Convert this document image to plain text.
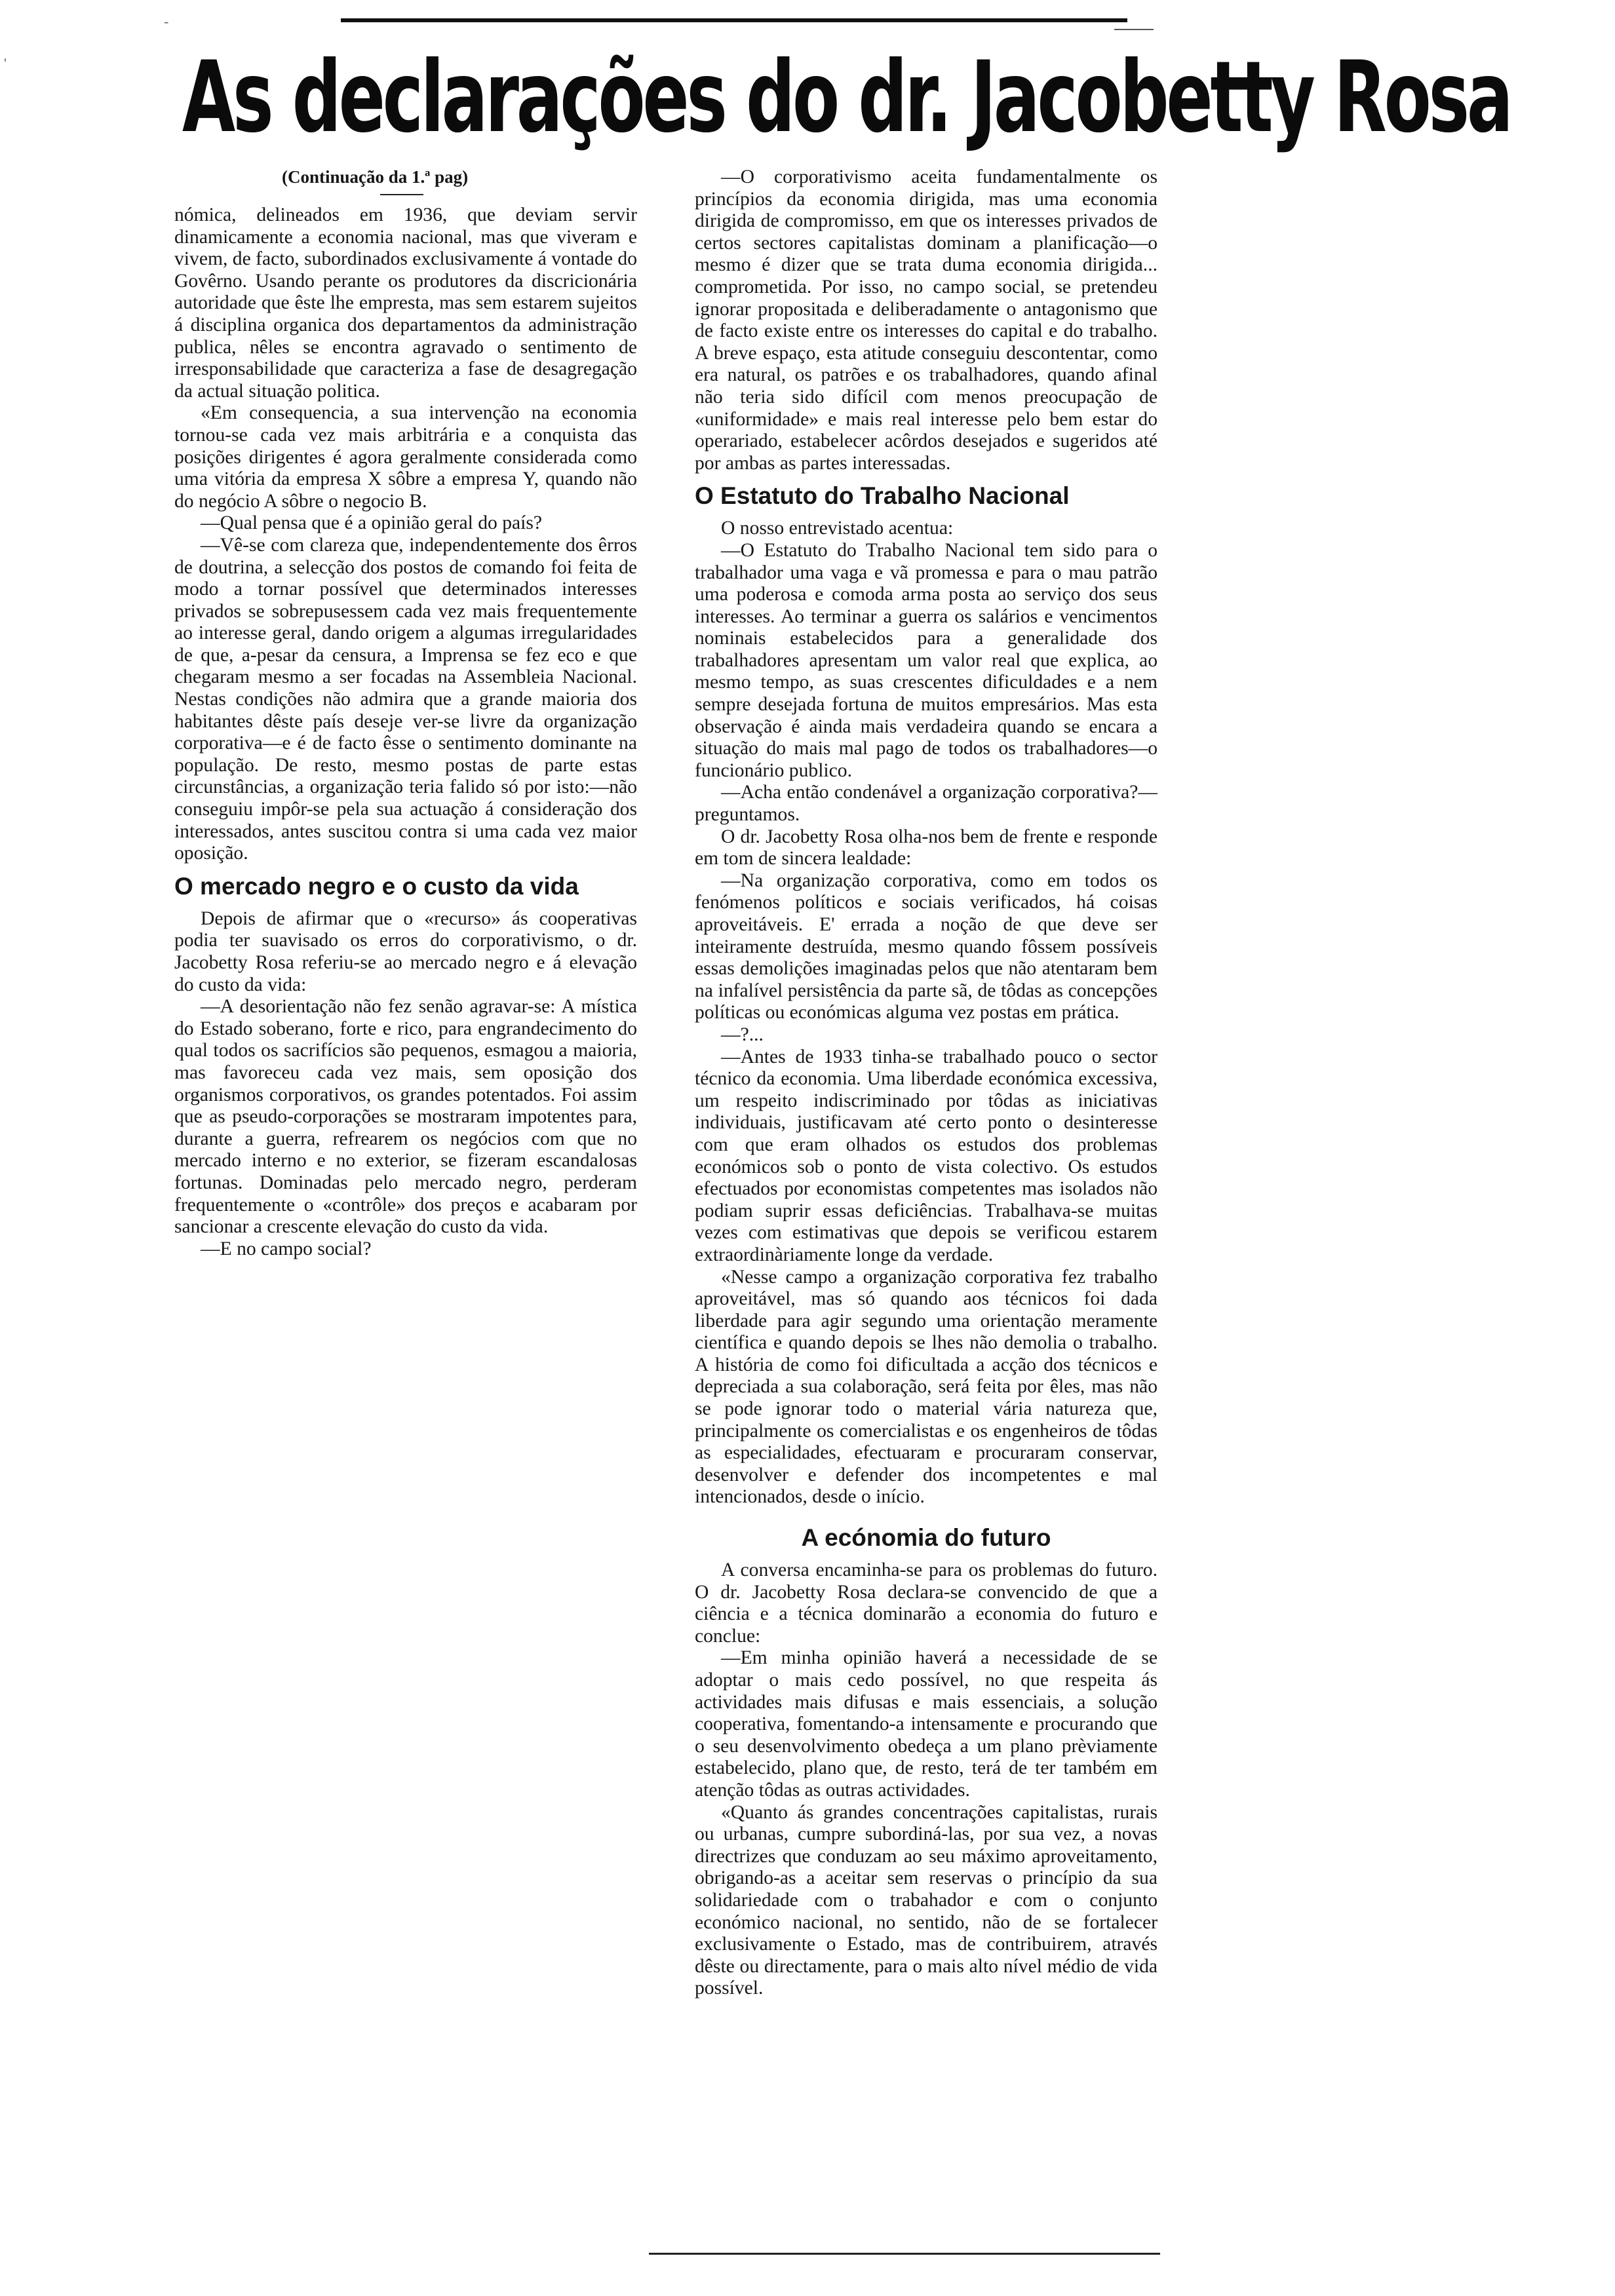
-
' As declarações do dr. Jacobetty Rosa
(Continuação da 1.ª pag)

nómica, delineados em 1936, que deviam servir dinamicamente a economia nacional, mas que viveram e vivem, de facto, subordinados exclusivamente á vontade do Govêrno. Usando perante os produtores da discricionária autoridade que êste lhe empresta, mas sem estarem sujeitos á disciplina organica dos departamentos da administração publica, nêles se encontra agravado o sentimento de irresponsabilidade que caracteriza a fase de desagregação da actual situação politica.

«Em consequencia, a sua intervenção na economia tornou-se cada vez mais arbitrária e a conquista das posições dirigentes é agora geralmente considerada como uma vitória da empresa X sôbre a empresa Y, quando não do negócio A sôbre o negocio B.

—Qual pensa que é a opinião geral do país?

—Vê-se com clareza que, independentemente dos êrros de doutrina, a selecção dos postos de comando foi feita de modo a tornar possível que determinados interesses privados se sobrepusessem cada vez mais frequentemente ao interesse geral, dando origem a algumas irregularidades de que, a-pesar da censura, a Imprensa se fez eco e que chegaram mesmo a ser focadas na Assembleia Nacional. Nestas condições não admira que a grande maioria dos habitantes dêste país deseje ver-se livre da organização corporativa—e é de facto êsse o sentimento dominante na população. De resto, mesmo postas de parte estas circunstâncias, a organização teria falido só por isto:—não conseguiu impôr-se pela sua actuação á consideração dos interessados, antes suscitou contra si uma cada vez maior oposição.

O mercado negro e o custo da vida

Depois de afirmar que o «recurso» ás cooperativas podia ter suavisado os erros do corporativismo, o dr. Jacobetty Rosa referiu-se ao mercado negro e á elevação do custo da vida:

—A desorientação não fez senão agravar-se: A mística do Estado soberano, forte e rico, para engrandecimento do qual todos os sacrifícios são pequenos, esmagou a maioria, mas favoreceu cada vez mais, sem oposição dos organismos corporativos, os grandes potentados. Foi assim que as pseudo-corporações se mostraram impotentes para, durante a guerra, refrearem os negócios com que no mercado interno e no exterior, se fizeram escandalosas fortunas. Dominadas pelo mercado negro, perderam frequentemente o «contrôle» dos preços e acabaram por sancionar a crescente elevação do custo da vida.

—E no campo social?

—O corporativismo aceita fundamentalmente os princípios da economia dirigida, mas uma economia dirigida de compromisso, em que os interesses privados de certos sectores capitalistas dominam a planificação—o mesmo é dizer que se trata duma economia dirigida... comprometida. Por isso, no campo social, se pretendeu ignorar propositada e deliberadamente o antagonismo que de facto existe entre os interesses do capital e do trabalho. A breve espaço, esta atitude conseguiu descontentar, como era natural, os patrões e os trabalhadores, quando afinal não teria sido difícil com menos preocupação de «uniformidade» e mais real interesse pelo bem estar do operariado, estabelecer acôrdos desejados e sugeridos até por ambas as partes interessadas.

O Estatuto do Trabalho Nacional

O nosso entrevistado acentua:

—O Estatuto do Trabalho Nacional tem sido para o trabalhador uma vaga e vã promessa e para o mau patrão uma poderosa e comoda arma posta ao serviço dos seus interesses. Ao terminar a guerra os salários e vencimentos nominais estabelecidos para a generalidade dos trabalhadores apresentam um valor real que explica, ao mesmo tempo, as suas crescentes dificuldades e a nem sempre desejada fortuna de muitos empresários. Mas esta observação é ainda mais verdadeira quando se encara a situação do mais mal pago de todos os trabalhadores—o funcionário publico.

—Acha então condenável a organização corporativa?—preguntamos.

O dr. Jacobetty Rosa olha-nos bem de frente e responde em tom de sincera lealdade:

—Na organização corporativa, como em todos os fenómenos políticos e sociais verificados, há coisas aproveitáveis. E' errada a noção de que deve ser inteiramente destruída, mesmo quando fôssem possíveis essas demolições imaginadas pelos que não atentaram bem na infalível persistência da parte sã, de tôdas as concepções políticas ou económicas alguma vez postas em prática.

—?...

—Antes de 1933 tinha-se trabalhado pouco o sector técnico da economia. Uma liberdade económica excessiva, um respeito indiscriminado por tôdas as iniciativas individuais, justificavam até certo ponto o desinteresse com que eram olhados os estudos dos problemas económicos sob o ponto de vista colectivo. Os estudos efectuados por economistas competentes mas isolados não podiam suprir essas deficiências. Trabalhava-se muitas vezes com estimativas que depois se verificou estarem extraordinàriamente longe da verdade.

«Nesse campo a organização corporativa fez trabalho aproveitável, mas só quando aos técnicos foi dada liberdade para agir segundo uma orientação meramente científica e quando depois se lhes não demolia o trabalho. A história de como foi dificultada a acção dos técnicos e depreciada a sua colaboração, será feita por êles, mas não se pode ignorar todo o material vária natureza que, principalmente os comercialistas e os engenheiros de tôdas as especialidades, efectuaram e procuraram conservar, desenvolver e defender dos incompetentes e mal intencionados, desde o início.

A ecónomia do futuro

A conversa encaminha-se para os problemas do futuro. O dr. Jacobetty Rosa declara-se convencido de que a ciência e a técnica dominarão a economia do futuro e conclue:

—Em minha opinião haverá a necessidade de se adoptar o mais cedo possível, no que respeita ás actividades mais difusas e mais essenciais, a solução cooperativa, fomentando-a intensamente e procurando que o seu desenvolvimento obedeça a um plano prèviamente estabelecido, plano que, de resto, terá de ter também em atenção tôdas as outras actividades.

«Quanto ás grandes concentrações capitalistas, rurais ou urbanas, cumpre subordiná-las, por sua vez, a novas directrizes que conduzam ao seu máximo aproveitamento, obrigando-as a aceitar sem reservas o princípio da sua solidariedade com o trabahador e com o conjunto económico nacional, no sentido, não de se fortalecer exclusivamente o Estado, mas de contribuirem, através dêste ou directamente, para o mais alto nível médio de vida possível.
